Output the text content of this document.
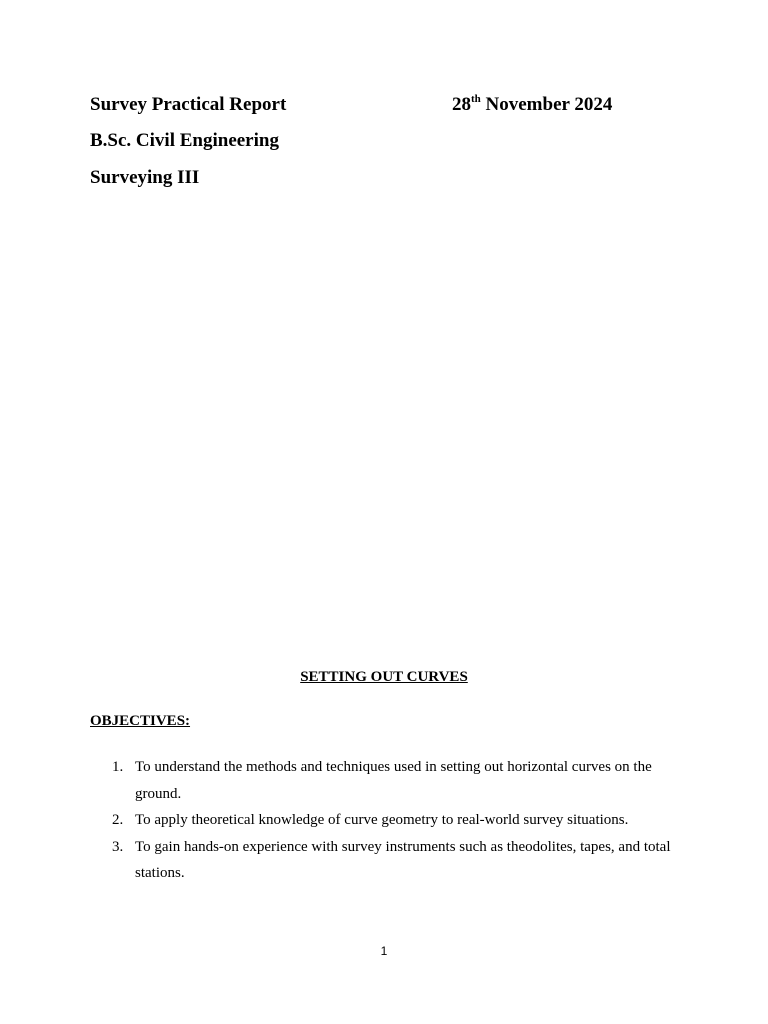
Survey Practical Report	28th November 2024
B.Sc. Civil Engineering
Surveying III
SETTING OUT CURVES
OBJECTIVES:
1. To understand the methods and techniques used in setting out horizontal curves on the ground.
2. To apply theoretical knowledge of curve geometry to real-world survey situations.
3. To gain hands-on experience with survey instruments such as theodolites, tapes, and total stations.
1
